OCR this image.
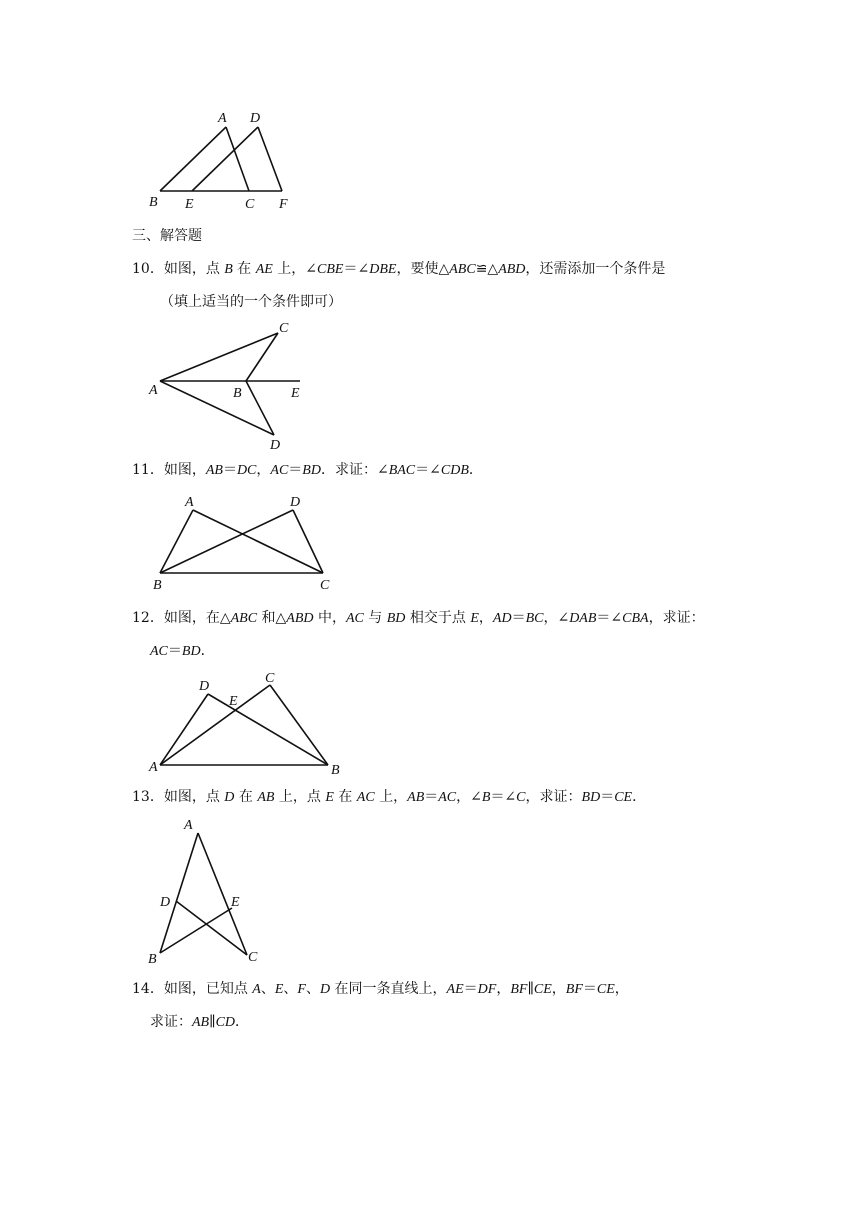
A D
B E	C F
三、解答题
10．如图，点 B 在 AE 上，∠CBE＝∠DBE，要使△ABC≌△ABD，还需添加一个条件是
（填上适当的一个条件即可）
C
A	B	E
D
11．如图，AB＝DC，AC＝BD．求证：∠BAC＝∠CDB．
A	D
B	C
12．如图，在△ABC 和△ABD 中，AC 与 BD 相交于点 E，AD＝BC，∠DAB＝∠CBA，求证：
AC＝BD．
D
E
C
A	B
13．如图，点 D 在 AB 上，点 E 在 AC 上，AB＝AC，∠B＝∠C，求证：BD＝CE．
A
D	E
B	C
14．如图，已知点 A、E、F、D 在同一条直线上，AE＝DF，BF∥CE，BF＝CE，
求证：AB∥CD．
